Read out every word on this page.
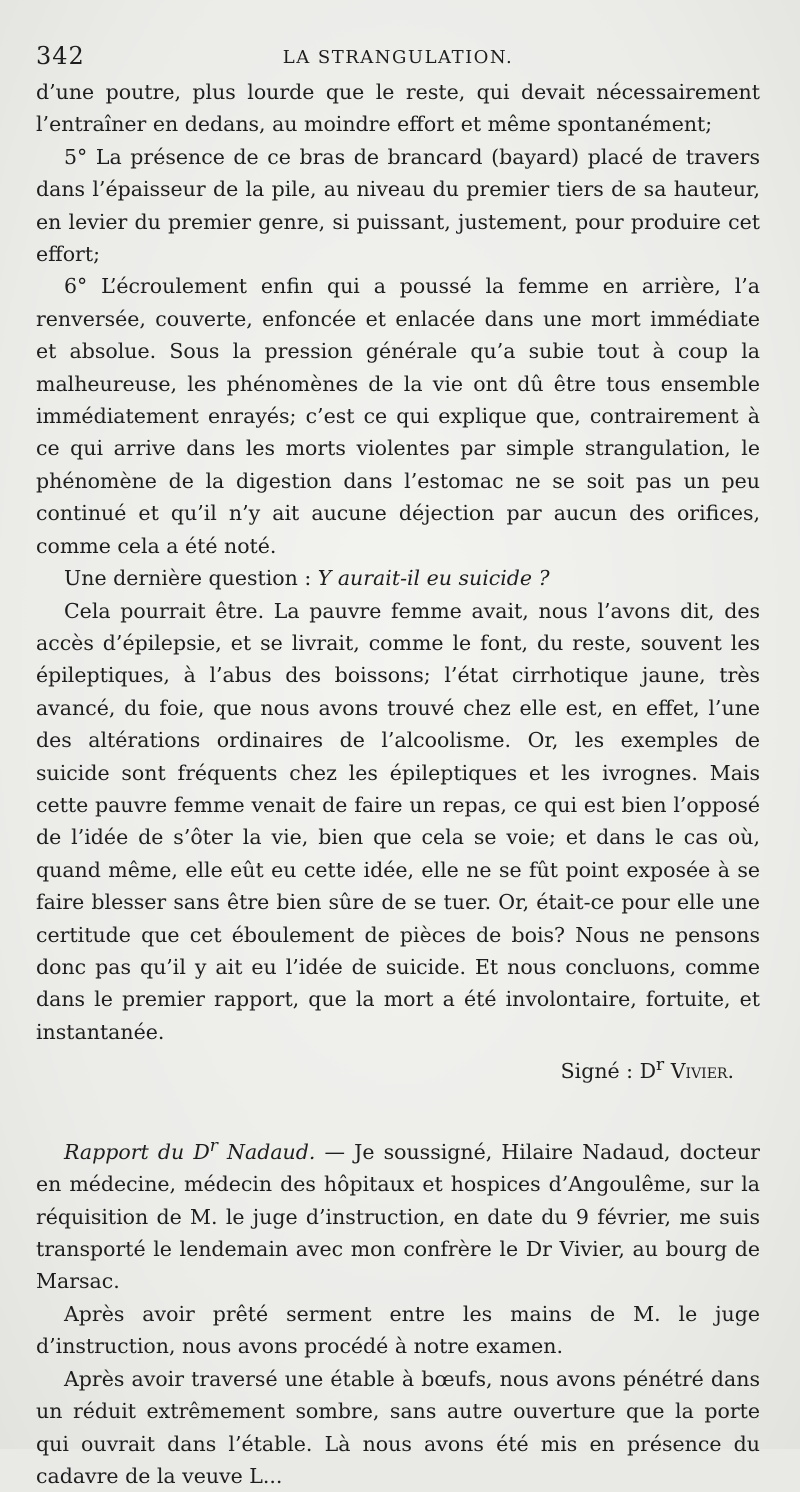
342	LA STRANGULATION.

d’une poutre, plus lourde que le reste, qui devait nécessairement l’entraîner en dedans, au moindre effort et même spontanément;

5° La présence de ce bras de brancard (bayard) placé de travers dans l’épaisseur de la pile, au niveau du premier tiers de sa hauteur, en levier du premier genre, si puissant, justement, pour produire cet effort;

6° L’écroulement enfin qui a poussé la femme en arrière, l’a renversée, couverte, enfoncée et enlacée dans une mort immédiate et absolue. Sous la pression générale qu’a subie tout à coup la malheureuse, les phénomènes de la vie ont dû être tous ensemble immédiatement enrayés; c’est ce qui explique que, contrairement à ce qui arrive dans les morts violentes par simple strangulation, le phénomène de la digestion dans l’estomac ne se soit pas un peu continué et qu’il n’y ait aucune déjection par aucun des orifices, comme cela a été noté.

Une dernière question : Y aurait-il eu suicide ?

Cela pourrait être. La pauvre femme avait, nous l’avons dit, des accès d’épilepsie, et se livrait, comme le font, du reste, souvent les épileptiques, à l’abus des boissons; l’état cirrhotique jaune, très avancé, du foie, que nous avons trouvé chez elle est, en effet, l’une des altérations ordinaires de l’alcoolisme. Or, les exemples de suicide sont fréquents chez les épileptiques et les ivrognes. Mais cette pauvre femme venait de faire un repas, ce qui est bien l’opposé de l’idée de s’ôter la vie, bien que cela se voie; et dans le cas où, quand même, elle eût eu cette idée, elle ne se fût point exposée à se faire blesser sans être bien sûre de se tuer. Or, était-ce pour elle une certitude que cet éboulement de pièces de bois? Nous ne pensons donc pas qu’il y ait eu l’idée de suicide. Et nous concluons, comme dans le premier rapport, que la mort a été involontaire, fortuite, et instantanée.

Signé : $D^r$ Vivier.

Rapport du $D^r$ Nadaud. — Je soussigné, Hilaire Nadaud, docteur en médecine, médecin des hôpitaux et hospices d’Angoulême, sur la réquisition de M. le juge d’instruction, en date du 9 février, me suis transporté le lendemain avec mon confrère le Dr Vivier, au bourg de Marsac.

Après avoir prêté serment entre les mains de M. le juge d’instruction, nous avons procédé à notre examen.

Après avoir traversé une étable à bœufs, nous avons pénétré dans un réduit extrêmement sombre, sans autre ouverture que la porte qui ouvrait dans l’étable. Là nous avons été mis en présence du cadavre de la veuve L...
